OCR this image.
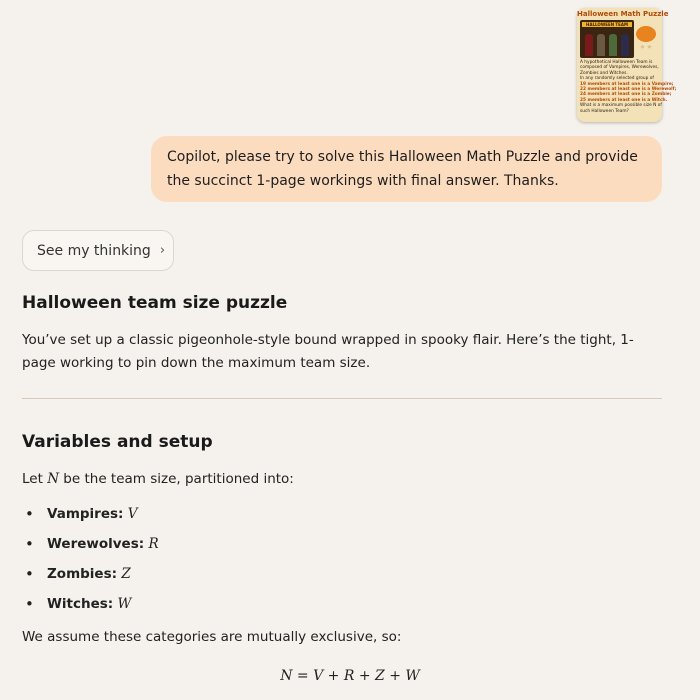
Halloween Math Puzzle
HALLOWEEN TEAM
✧ ✧
A hypothetical Halloween Team is
composed of Vampires, Werewolves,
Zombies and Witches.
In any randomly selected group of
19 members at least one is a Vampire;
22 members at least one is a Werewolf;
24 members at least one is a Zombie;
25 members at least one is a Witch.
What is a maximum possible size N of
such Halloween Team?
Copilot, please try to solve this Halloween Math Puzzle and provide the succinct 1-page workings with final answer. Thanks.
See my thinking ›
Halloween team size puzzle

You’ve set up a classic pigeonhole-style bound wrapped in spooky flair. Here’s the tight, 1-page working to pin down the maximum team size.

Variables and setup

Let N be the team size, partitioned into:

• Vampires: V
• Werewolves: R
• Zombies: Z
• Witches: W

We assume these categories are mutually exclusive, so:

N = V + R + Z + W
